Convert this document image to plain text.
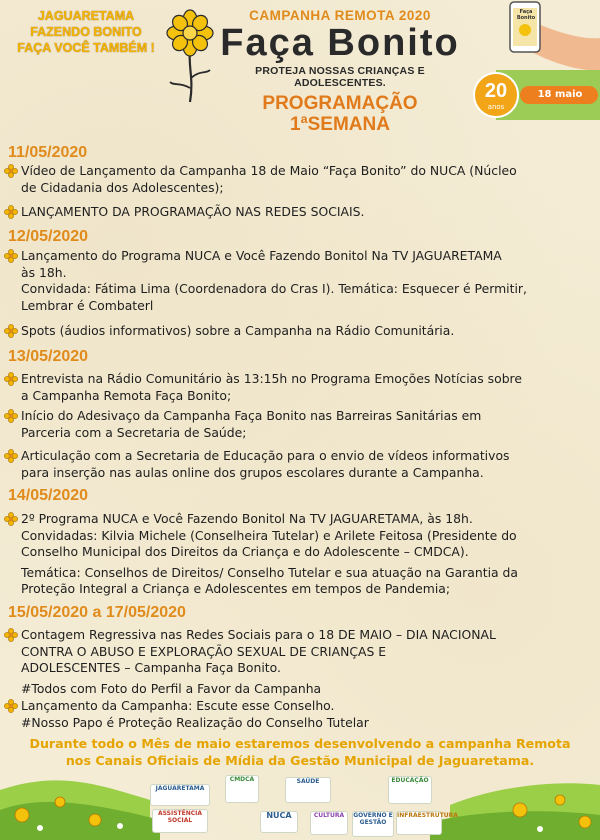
JAGUARETAMA
FAZENDO BONITO
FAÇA VOCÊ TAMBÉM !
CAMPANHA REMOTA 2020
Faça Bonito
PROTEJA NOSSAS CRIANÇAS E ADOLESCENTES.
PROGRAMAÇÃO
1ªSEMANA
Faça Bonito
20
anos
18 maio
11/05/2020
Vídeo de Lançamento da Campanha 18 de Maio “Faça Bonito” do NUCA (Núcleo
de Cidadania dos Adolescentes);
LANÇAMENTO DA PROGRAMAÇÃO NAS REDES SOCIAIS.
12/05/2020
Lançamento do Programa NUCA e Você Fazendo Bonitol Na TV JAGUARETAMA
às 18h.
Convidada: Fátima Lima (Coordenadora do Cras I). Temática: Esquecer é Permitir,
Lembrar é Combaterl
Spots (áudios informativos) sobre a Campanha na Rádio Comunitária.
13/05/2020
Entrevista na Rádio Comunitário às 13:15h no Programa Emoções Notícias sobre
a Campanha Remota Faça Bonito;
Início do Adesivaço da Campanha Faça Bonito nas Barreiras Sanitárias em
Parceria com a Secretaria de Saúde;
Articulação com a Secretaria de Educação para o envio de vídeos informativos
para inserção nas aulas online dos grupos escolares durante a Campanha.
14/05/2020
2º Programa NUCA e Você Fazendo Bonitol Na TV JAGUARETAMA, às 18h.
Convidadas: Kilvia Michele (Conselheira Tutelar) e Arilete Feitosa (Presidente do
Conselho Municipal dos Direitos da Criança e do Adolescente – CMDCA).
Temática: Conselhos de Direitos/ Conselho Tutelar e sua atuação na Garantia da
Proteção Integral a Criança e Adolescentes em tempos de Pandemia;
15/05/2020 a 17/05/2020
Contagem Regressiva nas Redes Sociais para o 18 DE MAIO – DIA NACIONAL
CONTRA O ABUSO E EXPLORAÇÃO SEXUAL DE CRIANÇAS E
ADOLESCENTES – Campanha Faça Bonito.
#Todos com Foto do Perfil a Favor da Campanha
Lançamento da Campanha: Escute esse Conselho.
#Nosso Papo é Proteção Realização do Conselho Tutelar
Durante todo o Mês de maio estaremos desenvolvendo a campanha Remota
nos Canais Oficiais de Mídia da Gestão Municipal de Jaguaretama.
JAGUARETAMA
CMDCA	SAÚDE	EDUCAÇÃO
ASSISTÊNCIA SOCIAL
NUCA	CULTURA	GOVERNO E GESTÃO
INFRAESTRUTURA
